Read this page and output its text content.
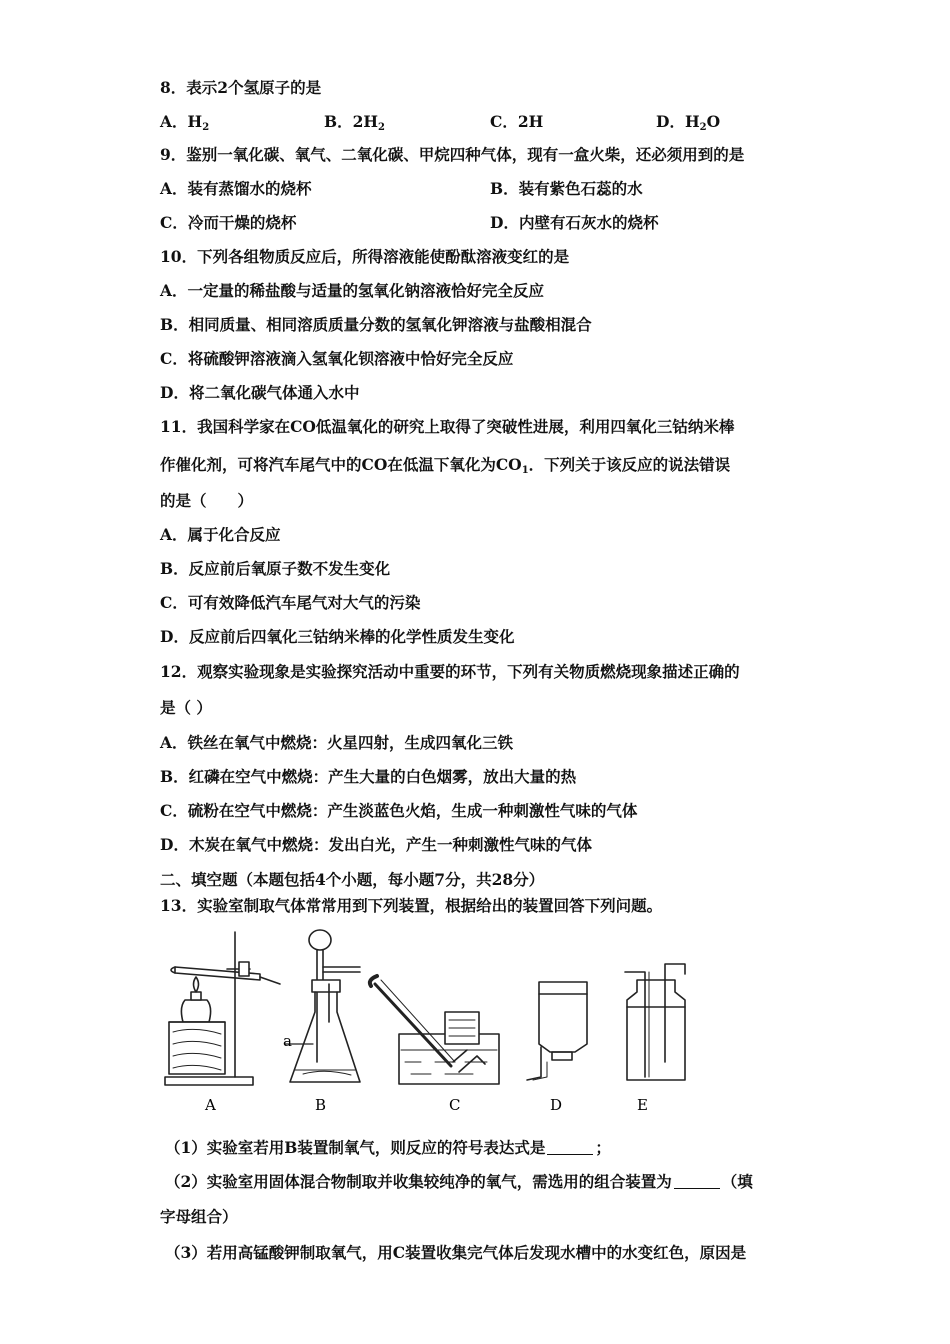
8．表示2个氢原子的是
A．$H_2$	B．$2H_2$	C．2H	D．$H_2O$
9．鉴别一氧化碳、氧气、二氧化碳、甲烷四种气体，现有一盒火柴，还必须用到的是
A．装有蒸馏水的烧杯	B．装有紫色石蕊的水
C．冷而干燥的烧杯	D．内壁有石灰水的烧杯
10．下列各组物质反应后，所得溶液能使酚酞溶液变红的是
A．一定量的稀盐酸与适量的氢氧化钠溶液恰好完全反应
B．相同质量、相同溶质质量分数的氢氧化钾溶液与盐酸相混合
C．将硫酸钾溶液滴入氢氧化钡溶液中恰好完全反应
D．将二氧化碳气体通入水中
11．我国科学家在CO低温氧化的研究上取得了突破性进展，利用四氧化三钴纳米棒
作催化剂，可将汽车尾气中的CO在低温下氧化为$CO_1$．下列关于该反应的说法错误
的是（　　）
A．属于化合反应
B．反应前后氧原子数不发生变化
C．可有效降低汽车尾气对大气的污染
D．反应前后四氧化三钴纳米棒的化学性质发生变化
12．观察实验现象是实验探究活动中重要的环节，下列有关物质燃烧现象描述正确的
是（ ）
A．铁丝在氧气中燃烧：火星四射，生成四氧化三铁
B．红磷在空气中燃烧：产生大量的白色烟雾，放出大量的热
C．硫粉在空气中燃烧：产生淡蓝色火焰，生成一种刺激性气味的气体
D．木炭在氧气中燃烧：发出白光，产生一种刺激性气味的气体
二、填空题（本题包括4个小题，每小题7分，共28分）
13．实验室制取气体常常用到下列装置，根据给出的装置回答下列问题。
a
A	B	C	D	E
（1）实验室若用B装置制氧气，则反应的符号表达式是	；
（2）实验室用固体混合物制取并收集较纯净的氧气，需选用的组合装置为	（填
字母组合）
（3）若用高锰酸钾制取氧气，用C装置收集完气体后发现水槽中的水变红色，原因是
